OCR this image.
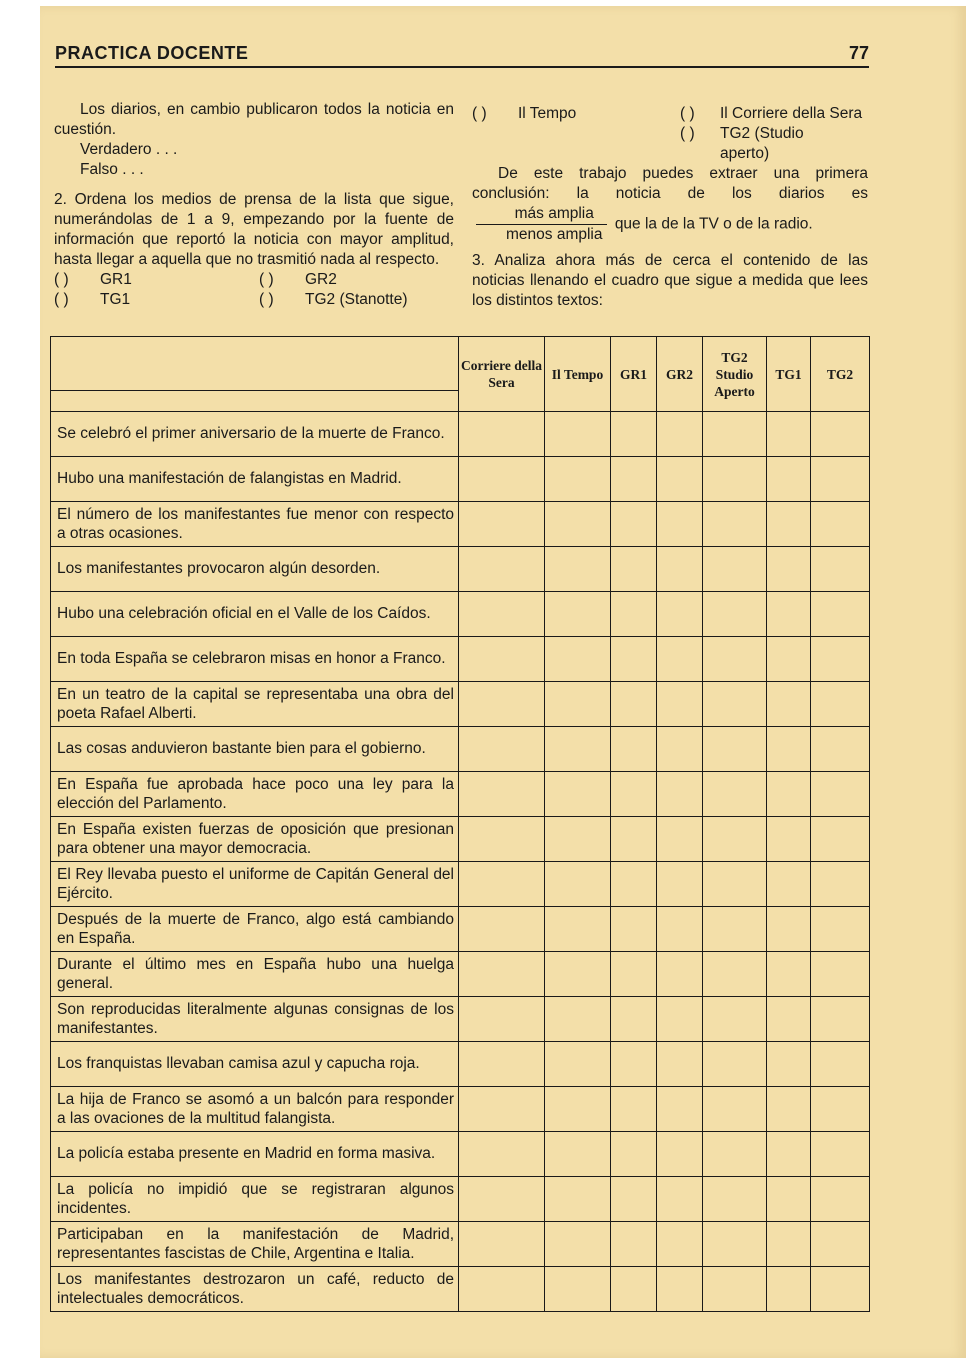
PRACTICA DOCENTE	77

Los diarios, en cambio publicaron todos la noticia en cuestión.

Verdadero . . .

Falso . . .

2. Ordena los medios de prensa de la lista que sigue, numerándolas de 1 a 9, empezando por la fuente de información que reportó la noticia con mayor amplitud, hasta llegar a aquella que no trasmitió nada al respecto.

( ) GR1	( ) GR2
( ) TG1	( ) TG2 (Stanotte)
( ) Il Tempo	( )	Il Corriere della Sera
( )	TG2 (Studio aperto)

De este trabajo puedes extraer una primera conclusión: la noticia de los diarios es
$\frac{\text{más amplia}}{\text{menos amplia}}$ que la de la TV o de la radio.

3. Analiza ahora más de cerca el contenido de las noticias llenando el cuadro que sigue a medida que lees los distintos textos:

	Corriere della Sera	Il Tempo	GR1	GR2	TG2 Studio Aperto	TG1	TG2
Se celebró el primer aniversario de la muerte de Franco.							
Hubo una manifestación de falangistas en Madrid.							
El número de los manifestantes fue menor con respecto a otras ocasiones.							
Los manifestantes provocaron algún desorden.							
Hubo una celebración oficial en el Valle de los Caídos.							
En toda España se celebraron misas en honor a Franco.							
En un teatro de la capital se representaba una obra del poeta Rafael Alberti.							
Las cosas anduvieron bastante bien para el gobierno.							
En España fue aprobada hace poco una ley para la elección del Parlamento.							
En España existen fuerzas de oposición que presionan para obtener una mayor democracia.							
El Rey llevaba puesto el uniforme de Capitán General del Ejército.							
Después de la muerte de Franco, algo está cambiando en España.							
Durante el último mes en España hubo una huelga general.							
Son reproducidas literalmente algunas consignas de los manifestantes.							
Los franquistas llevaban camisa azul y capucha roja.							
La hija de Franco se asomó a un balcón para responder a las ovaciones de la multitud falangista.							
La policía estaba presente en Madrid en forma masiva.							
La policía no impidió que se registraran algunos incidentes.							
Participaban en la manifestación de Madrid, representantes fascistas de Chile, Argentina e Italia.							
Los manifestantes destrozaron un café, reducto de intelectuales democráticos.							
